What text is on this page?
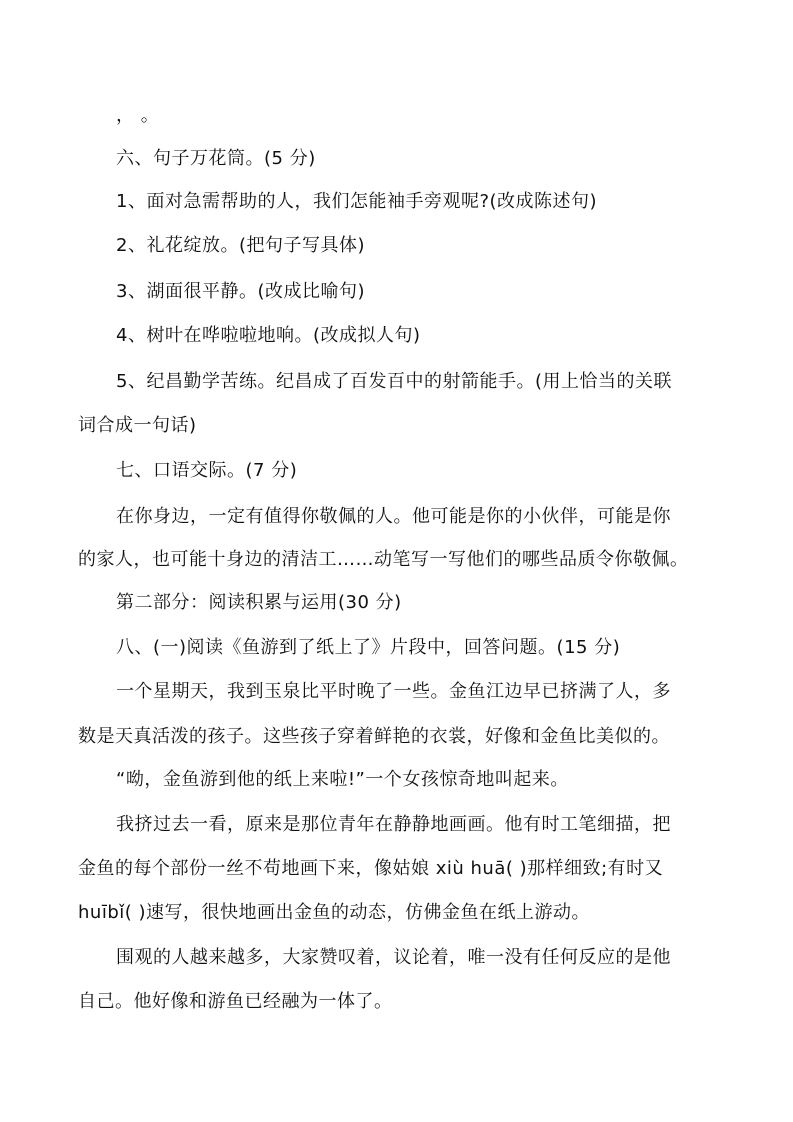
， 。
六、句子万花筒。(5 分)
1、面对急需帮助的人，我们怎能袖手旁观呢?(改成陈述句)
2、礼花绽放。(把句子写具体)
3、湖面很平静。(改成比喻句)
4、树叶在哗啦啦地响。(改成拟人句)
5、纪昌勤学苦练。纪昌成了百发百中的射箭能手。(用上恰当的关联
词合成一句话)
七、口语交际。(7 分)
在你身边，一定有值得你敬佩的人。他可能是你的小伙伴，可能是你
的家人，也可能十身边的清洁工……动笔写一写他们的哪些品质令你敬佩。
第二部分：阅读积累与运用(30 分)
八、(一)阅读《鱼游到了纸上了》片段中，回答问题。(15 分)
一个星期天，我到玉泉比平时晚了一些。金鱼江边早已挤满了人，多
数是天真活泼的孩子。这些孩子穿着鲜艳的衣裳，好像和金鱼比美似的。
“呦，金鱼游到他的纸上来啦!”一个女孩惊奇地叫起来。
我挤过去一看，原来是那位青年在静静地画画。他有时工笔细描，把
金鱼的每个部份一丝不苟地画下来，像姑娘 xiù huā( )那样细致;有时又
huībǐ( )速写，很快地画出金鱼的动态，仿佛金鱼在纸上游动。
围观的人越来越多，大家赞叹着，议论着，唯一没有任何反应的是他
自己。他好像和游鱼已经融为一体了。
